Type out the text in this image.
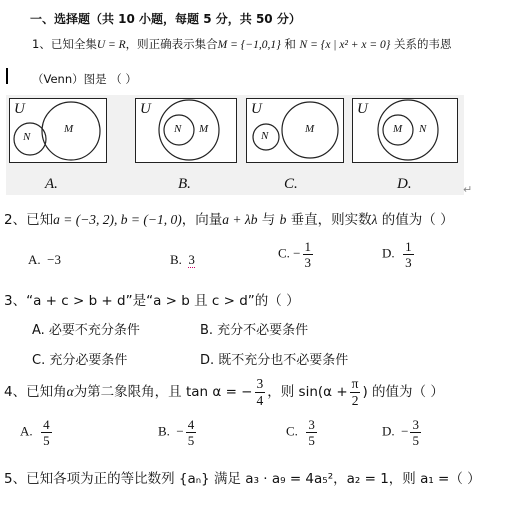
一、选择题（共 10 小题，每题 5 分，共 50 分）
1、已知全集U = R，则正确表示集合M = {−1,0,1} 和 N = {x | x² + x = 0} 关系的韦恩
（Venn）图是 （ ）
U
N
M
U
N M
U
N
M
U
M N
A.	B.	C.	D.	↵
2、已知a = (−3, 2), b = (−1, 0)，向量a + λb 与 b 垂直，则实数λ 的值为（ ）
A. −3	B. 3	C. − $\frac{1}{3}$	D. $\frac{1}{3}$
3、“a + c > b + d”是“a > b 且 c > d”的（ ）
A. 必要不充分条件	B. 充分不必要条件
C. 充分必要条件	D. 既不充分也不必要条件
4、已知角α为第二象限角，且 tan α = − $\frac{3}{4}$ ，则 $\sin(\alpha + \frac{\pi}{2}$ ) 的值为（ ）
A. $\frac{4}{5}$	B. − $\frac{4}{5}$	C. $\frac{3}{5}$	D. − $\frac{3}{5}$
5、已知各项为正的等比数列 {aₙ} 满足 a₃ · a₉ = 4a₅²，a₂ = 1，则 a₁ =（ ）
